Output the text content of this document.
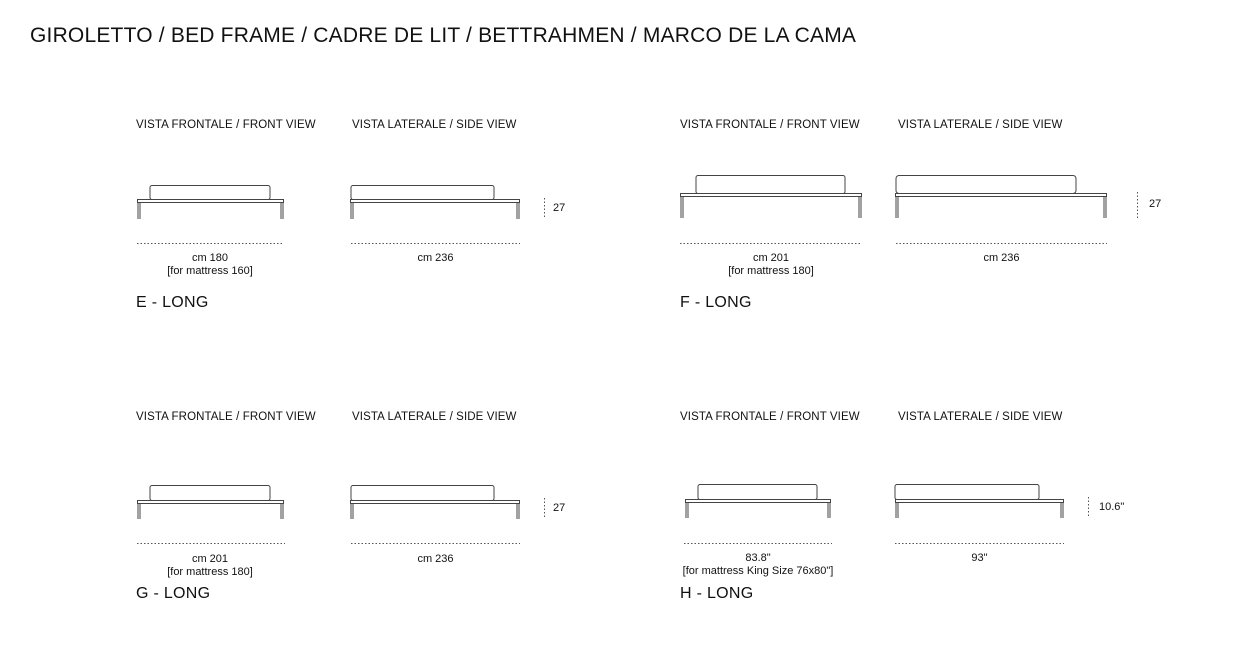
GIROLETTO / BED FRAME / CADRE DE LIT / BETTRAHMEN / MARCO DE LA CAMA
VISTA FRONTALE / FRONT VIEW	VISTA LATERALE / SIDE VIEW
27
cm 180
[for mattress 160]
cm 236
E - LONG
VISTA FRONTALE / FRONT VIEW	VISTA LATERALE / SIDE VIEW
27
cm 201
[for mattress 180]
cm 236
F - LONG
VISTA FRONTALE / FRONT VIEW	VISTA LATERALE / SIDE VIEW
27
cm 201
[for mattress 180]
cm 236
G - LONG
VISTA FRONTALE / FRONT VIEW	VISTA LATERALE / SIDE VIEW
10.6"
83.8"
[for mattress King Size 76x80"]
93"
H - LONG
